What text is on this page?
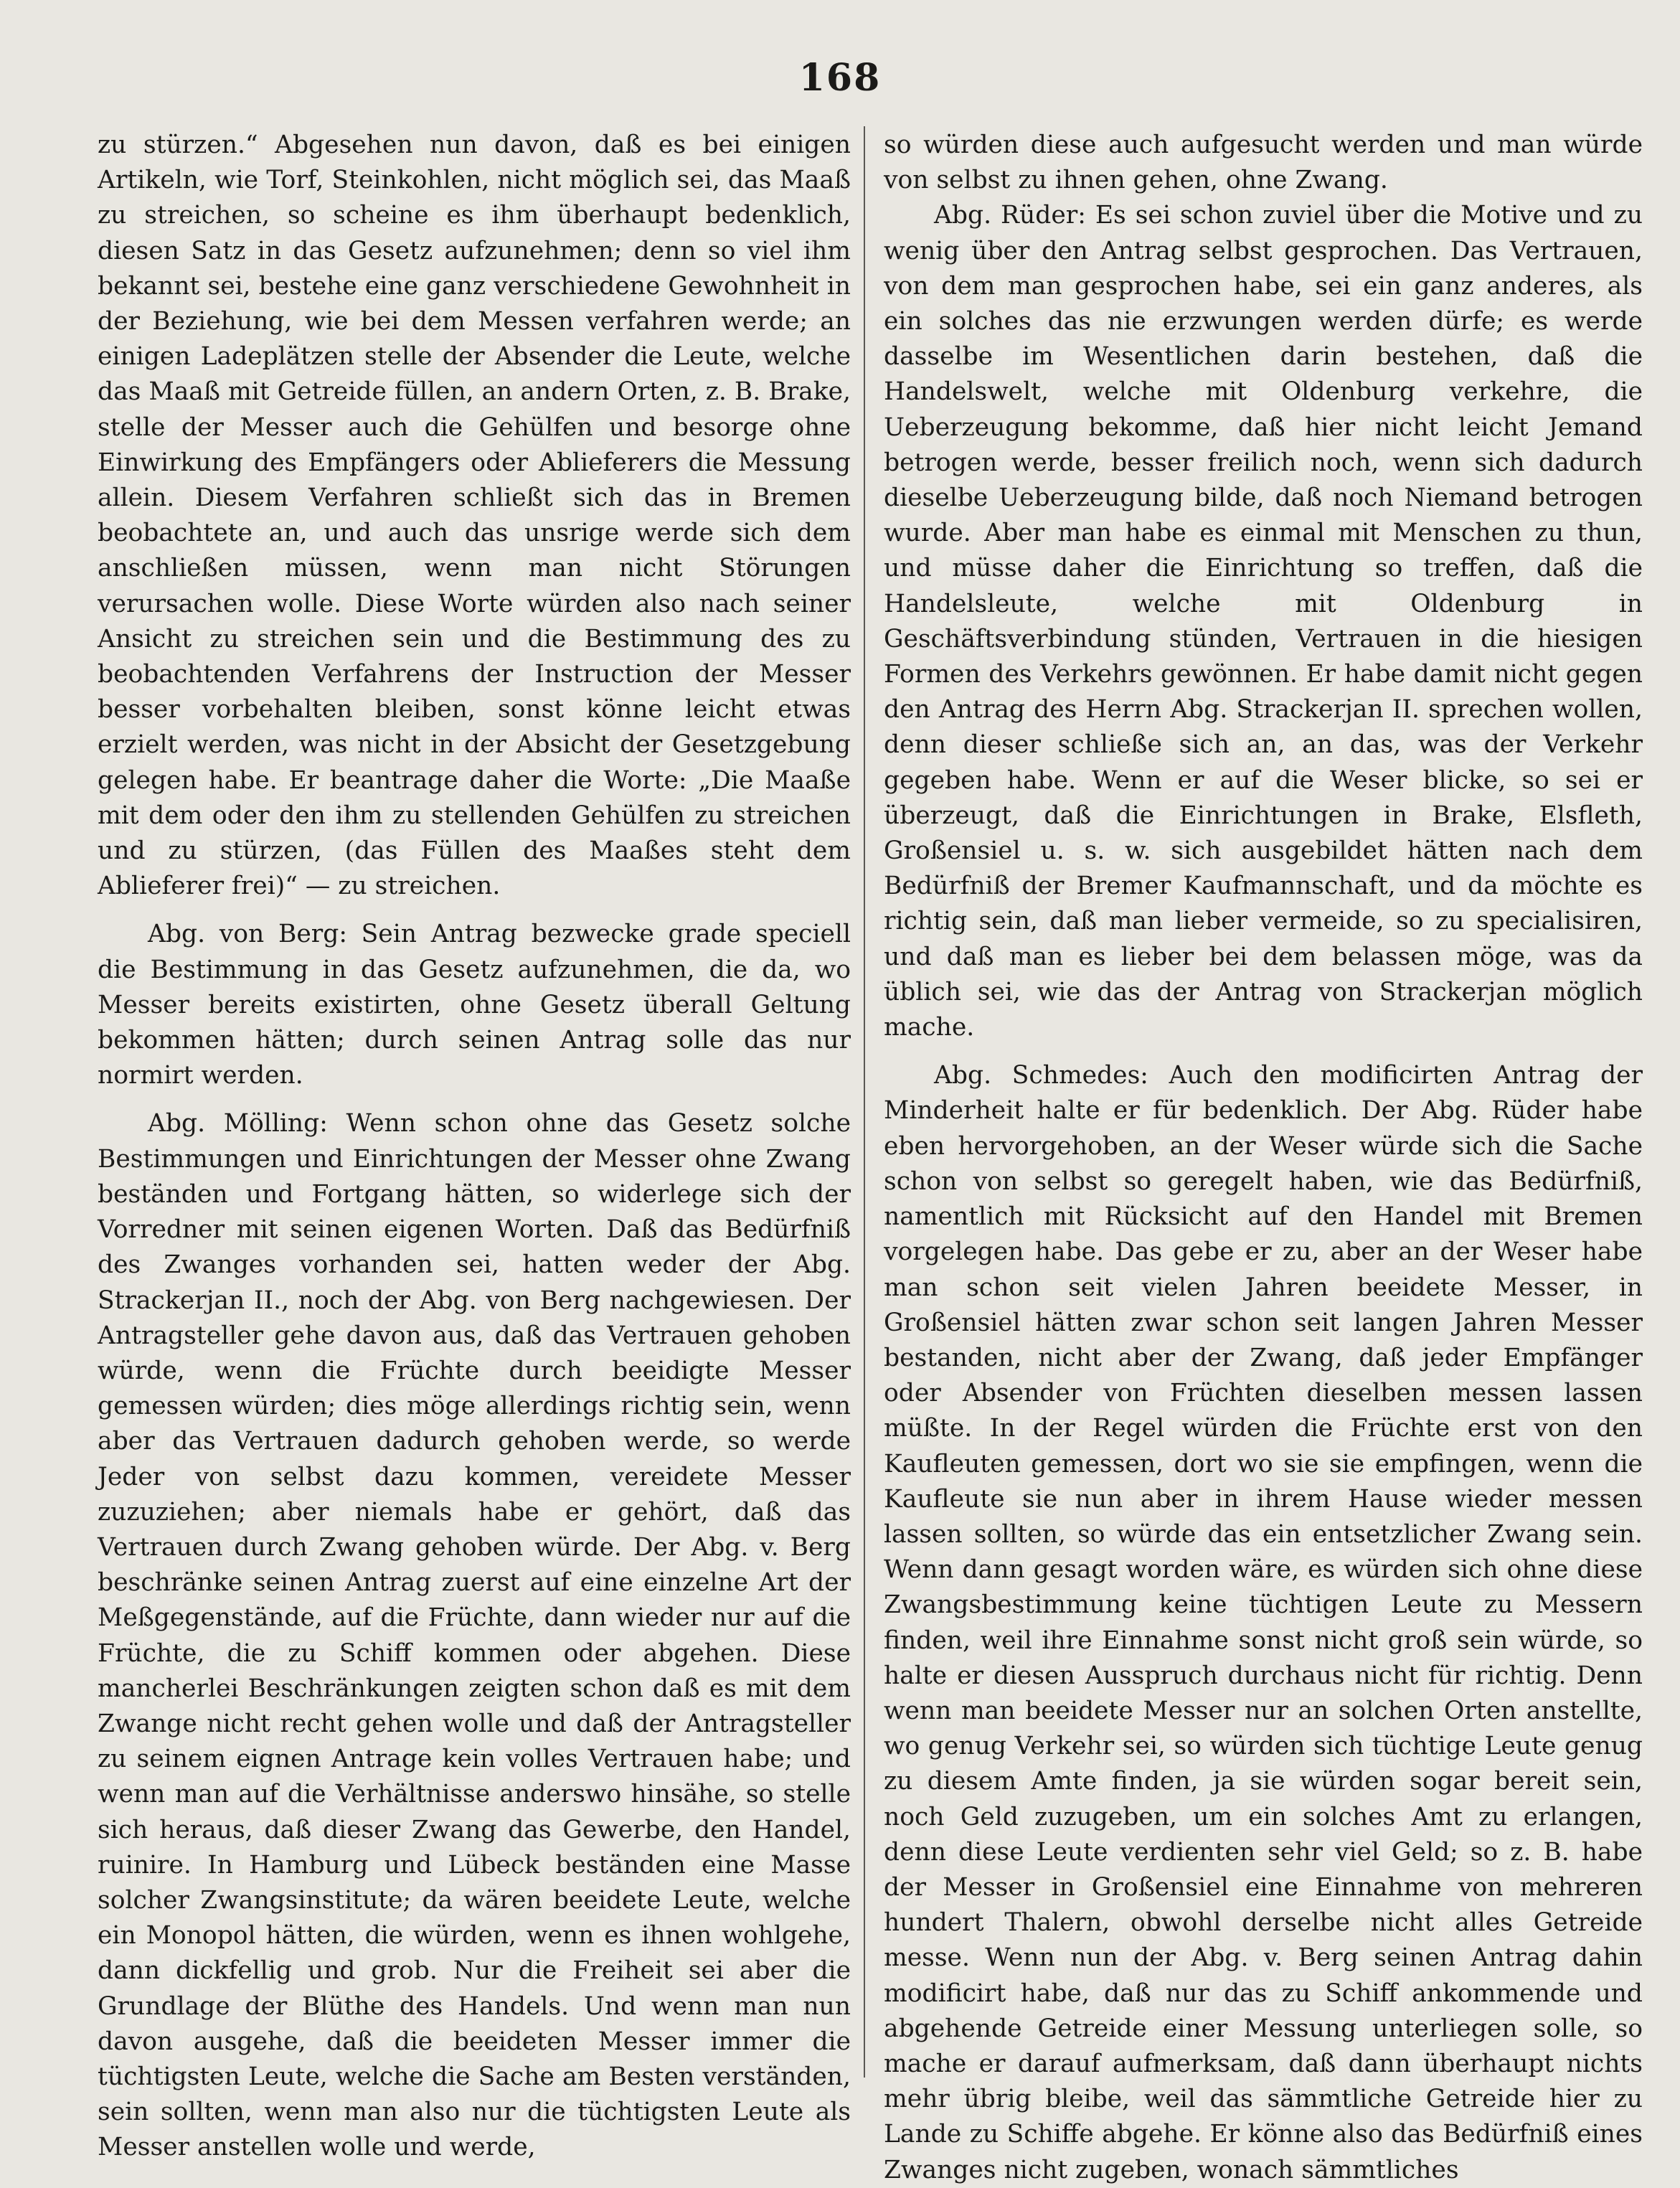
168

zu stürzen.“ Abgesehen nun davon, daß es bei einigen Artikeln, wie Torf, Steinkohlen, nicht möglich sei, das Maaß zu streichen, so scheine es ihm überhaupt bedenklich, diesen Satz in das Gesetz aufzunehmen; denn so viel ihm bekannt sei, bestehe eine ganz verschiedene Gewohnheit in der Beziehung, wie bei dem Messen verfahren werde; an einigen Ladeplätzen stelle der Absender die Leute, welche das Maaß mit Getreide füllen, an andern Orten, z. B. Brake, stelle der Messer auch die Gehülfen und besorge ohne Einwirkung des Empfängers oder Ablieferers die Messung allein. Diesem Verfahren schließt sich das in Bremen beobachtete an, und auch das unsrige werde sich dem anschließen müssen, wenn man nicht Störungen verursachen wolle. Diese Worte würden also nach seiner Ansicht zu streichen sein und die Bestimmung des zu beobachtenden Verfahrens der Instruction der Messer besser vorbehalten bleiben, sonst könne leicht etwas erzielt werden, was nicht in der Absicht der Gesetzgebung gelegen habe. Er beantrage daher die Worte: „Die Maaße mit dem oder den ihm zu stellenden Gehülfen zu streichen und zu stürzen, (das Füllen des Maaßes steht dem Ablieferer frei)“ — zu streichen.

Abg. von Berg: Sein Antrag bezwecke grade speciell die Bestimmung in das Gesetz aufzunehmen, die da, wo Messer bereits existirten, ohne Gesetz überall Geltung bekommen hätten; durch seinen Antrag solle das nur normirt werden.

Abg. Mölling: Wenn schon ohne das Gesetz solche Bestimmungen und Einrichtungen der Messer ohne Zwang beständen und Fortgang hätten, so widerlege sich der Vorredner mit seinen eigenen Worten. Daß das Bedürfniß des Zwanges vorhanden sei, hatten weder der Abg. Strackerjan II., noch der Abg. von Berg nachgewiesen. Der Antragsteller gehe davon aus, daß das Vertrauen gehoben würde, wenn die Früchte durch beeidigte Messer gemessen würden; dies möge allerdings richtig sein, wenn aber das Vertrauen dadurch gehoben werde, so werde Jeder von selbst dazu kommen, vereidete Messer zuzuziehen; aber niemals habe er gehört, daß das Vertrauen durch Zwang gehoben würde. Der Abg. v. Berg beschränke seinen Antrag zuerst auf eine einzelne Art der Meßgegenstände, auf die Früchte, dann wieder nur auf die Früchte, die zu Schiff kommen oder abgehen. Diese mancherlei Beschränkungen zeigten schon daß es mit dem Zwange nicht recht gehen wolle und daß der Antragsteller zu seinem eignen Antrage kein volles Vertrauen habe; und wenn man auf die Verhältnisse anderswo hinsähe, so stelle sich heraus, daß dieser Zwang das Gewerbe, den Handel, ruinire. In Hamburg und Lübeck beständen eine Masse solcher Zwangsinstitute; da wären beeidete Leute, welche ein Monopol hätten, die würden, wenn es ihnen wohlgehe, dann dickfellig und grob. Nur die Freiheit sei aber die Grundlage der Blüthe des Handels. Und wenn man nun davon ausgehe, daß die beeideten Messer immer die tüchtigsten Leute, welche die Sache am Besten verständen, sein sollten, wenn man also nur die tüchtigsten Leute als Messer anstellen wolle und werde,

so würden diese auch aufgesucht werden und man würde von selbst zu ihnen gehen, ohne Zwang.

Abg. Rüder: Es sei schon zuviel über die Motive und zu wenig über den Antrag selbst gesprochen. Das Vertrauen, von dem man gesprochen habe, sei ein ganz anderes, als ein solches das nie erzwungen werden dürfe; es werde dasselbe im Wesentlichen darin bestehen, daß die Handelswelt, welche mit Oldenburg verkehre, die Ueberzeugung bekomme, daß hier nicht leicht Jemand betrogen werde, besser freilich noch, wenn sich dadurch dieselbe Ueberzeugung bilde, daß noch Niemand betrogen wurde. Aber man habe es einmal mit Menschen zu thun, und müsse daher die Einrichtung so treffen, daß die Handelsleute, welche mit Oldenburg in Geschäftsverbindung stünden, Vertrauen in die hiesigen Formen des Verkehrs gewönnen. Er habe damit nicht gegen den Antrag des Herrn Abg. Strackerjan II. sprechen wollen, denn dieser schließe sich an, an das, was der Verkehr gegeben habe. Wenn er auf die Weser blicke, so sei er überzeugt, daß die Einrichtungen in Brake, Elsfleth, Großensiel u. s. w. sich ausgebildet hätten nach dem Bedürfniß der Bremer Kaufmannschaft, und da möchte es richtig sein, daß man lieber vermeide, so zu specialisiren, und daß man es lieber bei dem belassen möge, was da üblich sei, wie das der Antrag von Strackerjan möglich mache.

Abg. Schmedes: Auch den modificirten Antrag der Minderheit halte er für bedenklich. Der Abg. Rüder habe eben hervorgehoben, an der Weser würde sich die Sache schon von selbst so geregelt haben, wie das Bedürfniß, namentlich mit Rücksicht auf den Handel mit Bremen vorgelegen habe. Das gebe er zu, aber an der Weser habe man schon seit vielen Jahren beeidete Messer, in Großensiel hätten zwar schon seit langen Jahren Messer bestanden, nicht aber der Zwang, daß jeder Empfänger oder Absender von Früchten dieselben messen lassen müßte. In der Regel würden die Früchte erst von den Kaufleuten gemessen, dort wo sie sie empfingen, wenn die Kaufleute sie nun aber in ihrem Hause wieder messen lassen sollten, so würde das ein entsetzlicher Zwang sein. Wenn dann gesagt worden wäre, es würden sich ohne diese Zwangsbestimmung keine tüchtigen Leute zu Messern finden, weil ihre Einnahme sonst nicht groß sein würde, so halte er diesen Ausspruch durchaus nicht für richtig. Denn wenn man beeidete Messer nur an solchen Orten anstellte, wo genug Verkehr sei, so würden sich tüchtige Leute genug zu diesem Amte finden, ja sie würden sogar bereit sein, noch Geld zuzugeben, um ein solches Amt zu erlangen, denn diese Leute verdienten sehr viel Geld; so z. B. habe der Messer in Großensiel eine Einnahme von mehreren hundert Thalern, obwohl derselbe nicht alles Getreide messe. Wenn nun der Abg. v. Berg seinen Antrag dahin modificirt habe, daß nur das zu Schiff ankommende und abgehende Getreide einer Messung unterliegen solle, so mache er darauf aufmerksam, daß dann überhaupt nichts mehr übrig bleibe, weil das sämmtliche Getreide hier zu Lande zu Schiffe abgehe. Er könne also das Bedürfniß eines Zwanges nicht zugeben, wonach sämmtliches
